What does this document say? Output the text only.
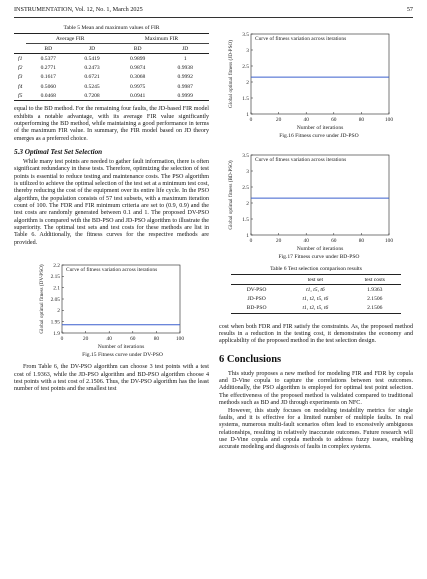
INSTRUMENTATION, Vol. 12, No. 1, March 2025	57
Table 5 Mean and maximum values of FIR
	Average FIR		Maximum FIR	
	BD	JD	BD	JD
f1	0.5377	0.5419	0.9899	1
f2	0.2771	0.2473	0.9874	0.9938
f3	0.1617	0.6721	0.3068	0.9992
f4	0.5060	0.5245	0.9975	0.9987
f5	0.0468	0.7208	0.0941	0.9999

equal to the BD method. For the remaining four faults, the JD-based FIR model exhibits a notable advantage, with its average FIR value significantly outperforming the BD method, while maintaining a good performance in terms of the maximum FIR value. In summary, the FIR model based on JD theory emerges as a preferred choice.

5.3 Optimal Test Set Selection

While many test points are needed to gather fault information, there is often significant redundancy in these tests. Therefore, optimizing the selection of test points is essential to reduce testing and maintenance costs. The PSO algorithm is utilized to achieve the optimal selection of the test set at a minimum test cost, thereby reducing the cost of the equipment over its entire life cycle. In the PSO algorithm, the population consists of 57 test subsets, with a maximum iteration count of 100. The FDR and FIR minimum criteria are set to (0.9, 0.9) and the test costs are randomly generated between 0.1 and 1. The proposed DV-PSO algorithm is compared with the BD-PSO and JD-PSO algorithm to illustrate the superiority. The optimal test sets and test costs for these methods are list in Table 6. Additionally, the fitness curves for the respective methods are provided.

Curve of fitness variation across iterations
0	20	40	60	80	100
1.9
1.95
2
2.05
2.1
2.15
2.2
Number of iterations
Global optimal fitness (DV-PSO)
Fig.15 Fitness curve under DV-PSO

From Table 6, the DV-PSO algorithm can choose 3 test points with a test cost of 1.9363, while the JD-PSO algorithm and BD-PSO algorithm choose 4 test points with a test cost of 2.1506. Thus, the DV-PSO algorithm has the least number of test points and the smallest test

Curve of fitness variation across iterations
0	20	40	60	80	100
1
1.5
2
2.5
3
3.5
Number of iterations
Global optimal fitness (JD-PSO)
Fig.16 Fitness curve under JD-PSO
Curve of fitness variation across iterations
0	20	40	60	80	100
1
1.5
2
2.5
3
3.5
Number of iterations
Global optimal fitness (BD-PSO)
Fig.17 Fitness curve under BD-PSO
Table 6 Test selection comparison results
	test set	test costs
DV-PSO	t1, t5, t6	1.9363
JD-PSO	t1, t2, t5, t6	2.1506
BD-PSO	t1, t2, t5, t6	2.1506

cost when both FDR and FIR satisfy the constraints. As, the proposed method results in a reduction in the testing cost, it demonstrates the economy and applicability of the proposed method in the test selection design.

6 Conclusions

This study proposes a new method for modeling FIR and FDR by copula and D-Vine copula to capture the correlations between test outcomes. Additionally, the PSO algorithm is employed for optimal test point selection. The effectiveness of the proposed method is validated compared to traditional methods such as BD and JD through experiments on NFC.

However, this study focuses on modeling testability metrics for single faults, and it is effective for a limited number of multiple faults. In real systems, numerous multi-fault scenarios often lead to excessively ambiguous relationships, resulting in relatively inaccurate outcomes. Future research will use D-Vine copula and copula methods to address fuzzy issues, enabling accurate modeling and diagnosis of faults in complex systems.
